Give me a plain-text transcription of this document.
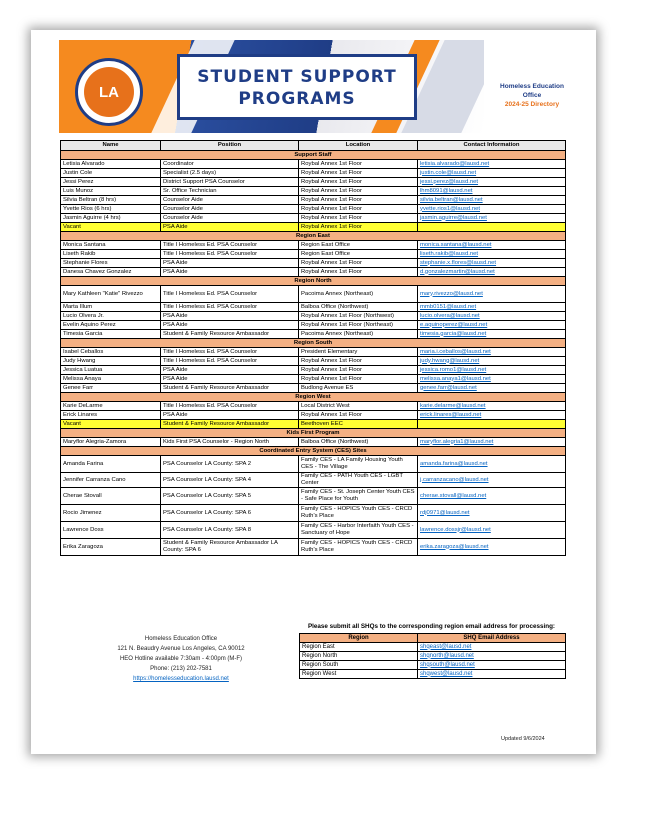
LA
STUDENT SUPPORT
PROGRAMS
Homeless Education
Office
2024-25 Directory
Name	Position	Location	Contact Information
Support Staff			
Letisia Alvarado	Coordinator	Roybal Annex 1st Floor	letisia.alvarado@lausd.net
Justin Cole	Specialist (2.5 days)	Roybal Annex 1st Floor	justin.cole@lausd.net
Jessi Perez	District Support PSA Counselor	Roybal Annex 1st Floor	jessi.perez@lausd.net
Luis Munoz	Sr. Office Technician	Roybal Annex 1st Floor	lhm8091@lausd.net
Silvia Beltran (8 hrs)	Counselor Aide	Roybal Annex 1st Floor	silvia.beltran@lausd.net
Yvette Rios (6 hrs)	Counselor Aide	Roybal Annex 1st Floor	yvette.rios1@lausd.net
Jasmin Aguirre (4 hrs)	Counselor Aide	Roybal Annex 1st Floor	jasmin.aguirre@lausd.net
Vacant	PSA Aide	Roybal Annex 1st Floor	

Region East			
Monica Santana	Title I Homeless Ed. PSA Counselor	Region East Office	monica.santana@lausd.net
Liseth Rakib	Title I Homeless Ed. PSA Counselor	Region East Office	liseth.rakib@lausd.net
Stephanie Flores	PSA Aide	Roybal Annex 1st Floor	stephanie.x.flores@lausd.net
Danesa Chavez Gonzalez	PSA Aide	Roybal Annex 1st Floor	d.gonzalezmartin@lausd.net
Region North			
Mary Kathleen "Katie" Rivezzo	Title I Homeless Ed. PSA Counselor	Pacoima Annex (Northeast)	mary.rivezzo@lausd.net
Marta Illum	Title I Homeless Ed. PSA Counselor	Balboa Office (Northwest)	mmb0151@lausd.net
Lucio Olvera Jr.	PSA Aide	Roybal Annex 1st Floor (Northwest)	lucio.olvera@lausd.net
Evelin Aquino Perez	PSA Aide	Roybal Annex 1st Floor (Northeast)	e.aquinoperez@lausd.net
Timesia Garcia	Student & Family Resource Ambassador	Pacoima Annex (Northeast)	timesia.garcia@lausd.net
Region South			
Isabel Ceballos	Title I Homeless Ed. PSA Counselor	President Elementary	maria.i.ceballos@lausd.net
Judy Hwang	Title I Homeless Ed. PSA Counselor	Roybal Annex 1st Floor	judy.hwang@lausd.net
Jessica Luatua	PSA Aide	Roybal Annex 1st Floor	jessica.romo1@lausd.net
Melissa Anaya	PSA Aide	Roybal Annex 1st Floor	melissa.anaya1@lausd.net
Genee Farr	Student & Family Resource Ambassador	Budlong Avenue ES	genee.farr@lausd.net
Region West			
Karie DeLarme	Title I Homeless Ed. PSA Counselor	Local District West	karie.delarme@lausd.net
Erick Linares	PSA Aide	Roybal Annex 1st Floor	erick.linares@lausd.net
Vacant	Student & Family Resource Ambassador	Beethoven EEC	

Kids First Program			
Maryflor Alegria-Zamora	Kids First PSA Counselor - Region North	Balboa Office (Northwest)	maryflor.alegria1@lausd.net
Coordinated Entry System (CES) Sites			
Amanda Farina	PSA Counselor LA County: SPA 2	Family CES - LA Family Housing Youth CES - The Village	amanda.farina@lausd.net
Jennifer Carranza Cano	PSA Counselor LA County: SPA 4	Family CES - PATH Youth CES - LGBT Center	j.carranzacano@lausd.net
Cherae Stovall	PSA Counselor LA County: SPA 5	Family CES - St. Joseph Center Youth CES - Safe Place for Youth	cherae.stovall@lausd.net
Rocio Jimenez	PSA Counselor LA County: SPA 6	Family CES - HOPICS Youth CES - CRCD Ruth's Place	rdj0971@lausd.net
Lawrence Doss	PSA Counselor LA County: SPA 8	Family CES - Harbor Interfaith Youth CES - Sanctuary of Hope	lawrence.dossjr@lausd.net
Erika Zaragoza	Student & Family Resource Ambassador LA County: SPA 6	Family CES - HOPICS Youth CES - CRCD Ruth's Place	erika.zaragoza@lausd.net
Homeless Education Office
121 N. Beaudry Avenue Los Angeles, CA 90012
HEO Hotline available 7:30am - 4:00pm (M-F)
Phone: (213) 202-7581
https://homelesseducation.lausd.net
Please submit all SHQs to the corresponding region email address for processing:
Region	SHQ Email Address
Region East	shqeast@lausd.net
Region North	shqnorth@lausd.net
Region South	shqsouth@lausd.net
Region West	shqwest@lausd.net
Updated 9/6/2024
